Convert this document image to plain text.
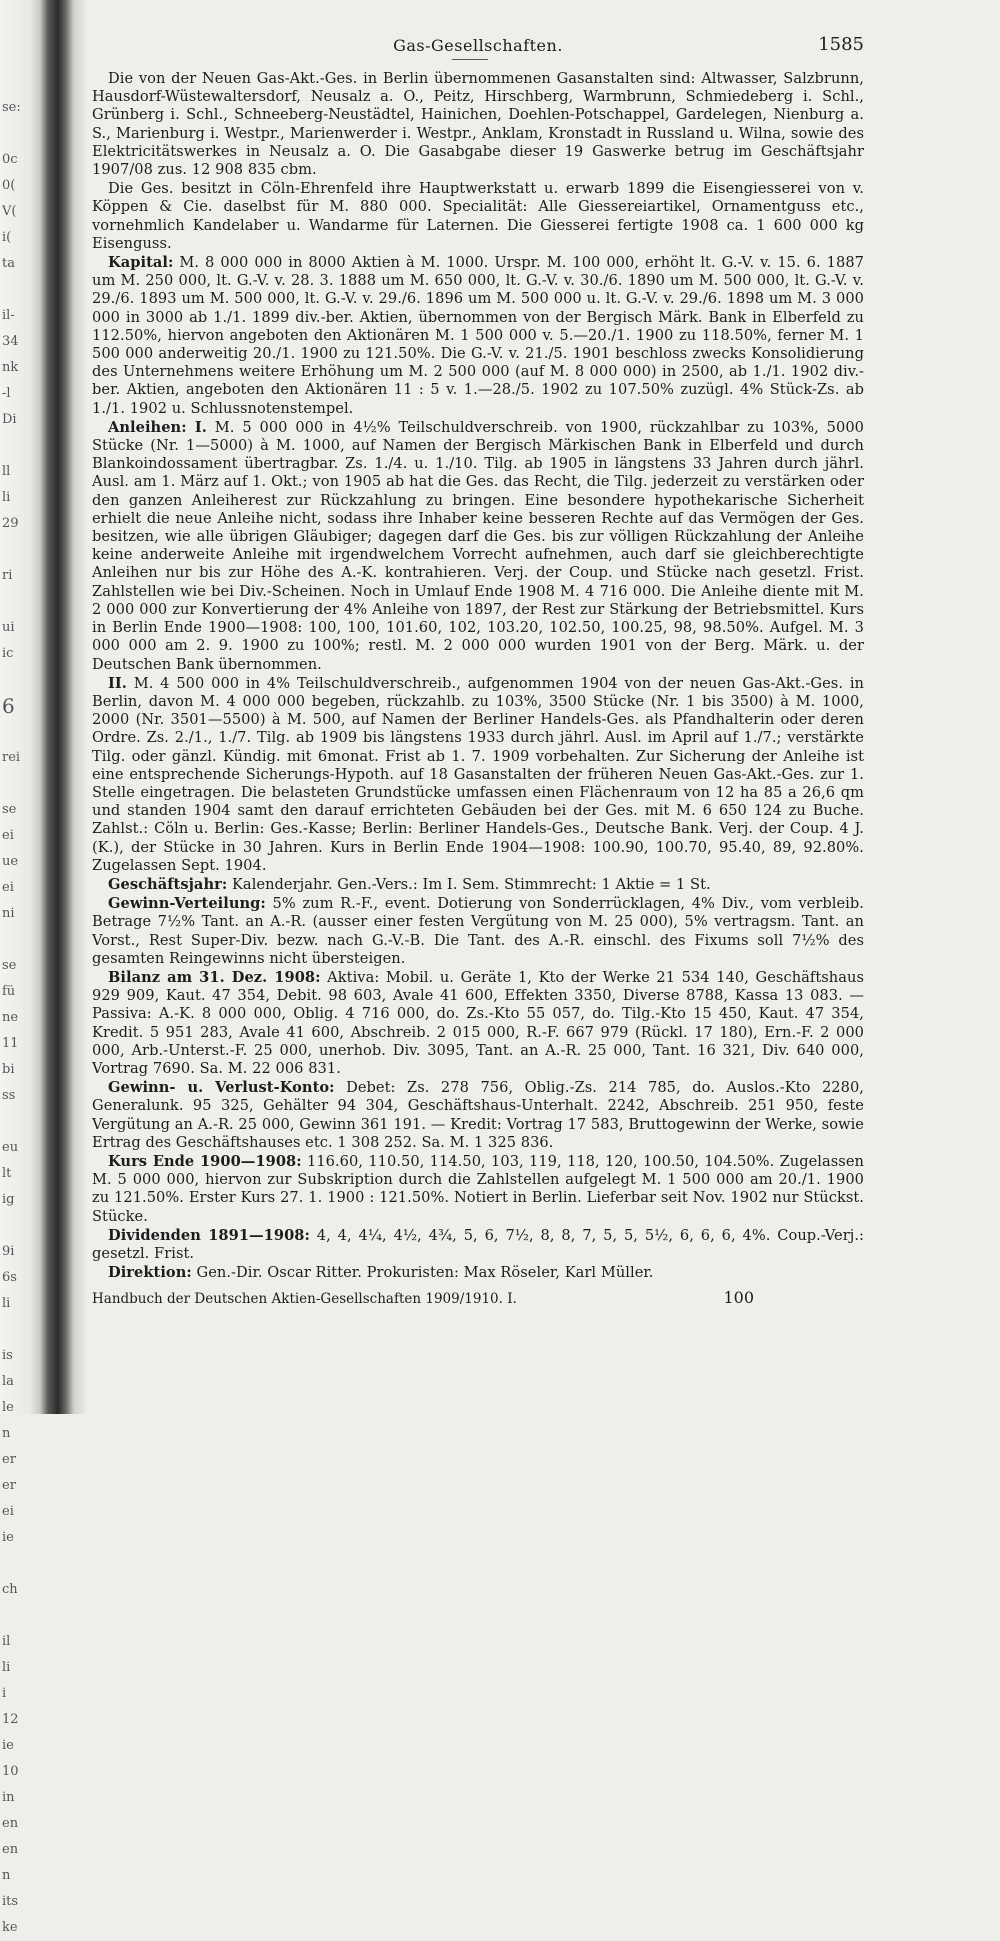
se:
0c
0(
V(
i(
ta
il-
34
nk
-l
Di
ll
li
29
ri
ui
ic
6
rei
se
ei
ue
ei
ni
se
fü
ne
11
bi
ss
eu
lt
ig
9i
6s
li
is
la
le
n
er
er
ei
ie
ch
il
li
i
12
ie
10
in
en
en
n
its
ke
Gas-Gesellschaften.	1585

Die von der Neuen Gas-Akt.-Ges. in Berlin übernommenen Gasanstalten sind: Altwasser, Salzbrunn, Hausdorf-Wüstewaltersdorf, Neusalz a. O., Peitz, Hirschberg, Warmbrunn, Schmiedeberg i. Schl., Grünberg i. Schl., Schneeberg-Neustädtel, Hainichen, Doehlen-Potschappel, Gardelegen, Nienburg a. S., Marienburg i. Westpr., Marienwerder i. Westpr., Anklam, Kronstadt in Russland u. Wilna, sowie des Elektricitätswerkes in Neusalz a. O. Die Gasabgabe dieser 19 Gaswerke betrug im Geschäftsjahr 1907/08 zus. 12 908 835 cbm.

Die Ges. besitzt in Cöln-Ehrenfeld ihre Hauptwerkstatt u. erwarb 1899 die Eisengiesserei von v. Köppen & Cie. daselbst für M. 880 000. Specialität: Alle Giessereiartikel, Ornamentguss etc., vornehmlich Kandelaber u. Wandarme für Laternen. Die Giesserei fertigte 1908 ca. 1 600 000 kg Eisenguss.

Kapital: M. 8 000 000 in 8000 Aktien à M. 1000. Urspr. M. 100 000, erhöht lt. G.-V. v. 15. 6. 1887 um M. 250 000, lt. G.-V. v. 28. 3. 1888 um M. 650 000, lt. G.-V. v. 30./6. 1890 um M. 500 000, lt. G.-V. v. 29./6. 1893 um M. 500 000, lt. G.-V. v. 29./6. 1896 um M. 500 000 u. lt. G.-V. v. 29./6. 1898 um M. 3 000 000 in 3000 ab 1./1. 1899 div.-ber. Aktien, übernommen von der Bergisch Märk. Bank in Elberfeld zu 112.50%, hiervon angeboten den Aktionären M. 1 500 000 v. 5.—20./1. 1900 zu 118.50%, ferner M. 1 500 000 anderweitig 20./1. 1900 zu 121.50%. Die G.-V. v. 21./5. 1901 beschloss zwecks Konsolidierung des Unternehmens weitere Erhöhung um M. 2 500 000 (auf M. 8 000 000) in 2500, ab 1./1. 1902 div.-ber. Aktien, angeboten den Aktionären 11 : 5 v. 1.—28./5. 1902 zu 107.50% zuzügl. 4% Stück-Zs. ab 1./1. 1902 u. Schlussnotenstempel.

Anleihen: I. M. 5 000 000 in 4½% Teilschuldverschreib. von 1900, rückzahlbar zu 103%, 5000 Stücke (Nr. 1—5000) à M. 1000, auf Namen der Bergisch Märkischen Bank in Elberfeld und durch Blankoindossament übertragbar. Zs. 1./4. u. 1./10. Tilg. ab 1905 in längstens 33 Jahren durch jährl. Ausl. am 1. März auf 1. Okt.; von 1905 ab hat die Ges. das Recht, die Tilg. jederzeit zu verstärken oder den ganzen Anleiherest zur Rückzahlung zu bringen. Eine besondere hypothekarische Sicherheit erhielt die neue Anleihe nicht, sodass ihre Inhaber keine besseren Rechte auf das Vermögen der Ges. besitzen, wie alle übrigen Gläubiger; dagegen darf die Ges. bis zur völligen Rückzahlung der Anleihe keine anderweite Anleihe mit irgendwelchem Vorrecht aufnehmen, auch darf sie gleichberechtigte Anleihen nur bis zur Höhe des A.-K. kontrahieren. Verj. der Coup. und Stücke nach gesetzl. Frist. Zahlstellen wie bei Div.-Scheinen. Noch in Umlauf Ende 1908 M. 4 716 000. Die Anleihe diente mit M. 2 000 000 zur Konvertierung der 4% Anleihe von 1897, der Rest zur Stärkung der Betriebsmittel. Kurs in Berlin Ende 1900—1908: 100, 100, 101.60, 102, 103.20, 102.50, 100.25, 98, 98.50%. Aufgel. M. 3 000 000 am 2. 9. 1900 zu 100%; restl. M. 2 000 000 wurden 1901 von der Berg. Märk. u. der Deutschen Bank übernommen.

II. M. 4 500 000 in 4% Teilschuldverschreib., aufgenommen 1904 von der neuen Gas-Akt.-Ges. in Berlin, davon M. 4 000 000 begeben, rückzahlb. zu 103%, 3500 Stücke (Nr. 1 bis 3500) à M. 1000, 2000 (Nr. 3501—5500) à M. 500, auf Namen der Berliner Handels-Ges. als Pfandhalterin oder deren Ordre. Zs. 2./1., 1./7. Tilg. ab 1909 bis längstens 1933 durch jährl. Ausl. im April auf 1./7.; verstärkte Tilg. oder gänzl. Kündig. mit 6monat. Frist ab 1. 7. 1909 vorbehalten. Zur Sicherung der Anleihe ist eine entsprechende Sicherungs-Hypoth. auf 18 Gasanstalten der früheren Neuen Gas-Akt.-Ges. zur 1. Stelle eingetragen. Die belasteten Grundstücke umfassen einen Flächenraum von 12 ha 85 a 26,6 qm und standen 1904 samt den darauf errichteten Gebäuden bei der Ges. mit M. 6 650 124 zu Buche. Zahlst.: Cöln u. Berlin: Ges.-Kasse; Berlin: Berliner Handels-Ges., Deutsche Bank. Verj. der Coup. 4 J. (K.), der Stücke in 30 Jahren. Kurs in Berlin Ende 1904—1908: 100.90, 100.70, 95.40, 89, 92.80%. Zugelassen Sept. 1904.

Geschäftsjahr: Kalenderjahr. Gen.-Vers.: Im I. Sem. Stimmrecht: 1 Aktie = 1 St.

Gewinn-Verteilung: 5% zum R.-F., event. Dotierung von Sonderrücklagen, 4% Div., vom verbleib. Betrage 7½% Tant. an A.-R. (ausser einer festen Vergütung von M. 25 000), 5% vertragsm. Tant. an Vorst., Rest Super-Div. bezw. nach G.-V.-B. Die Tant. des A.-R. einschl. des Fixums soll 7½% des gesamten Reingewinns nicht übersteigen.

Bilanz am 31. Dez. 1908: Aktiva: Mobil. u. Geräte 1, Kto der Werke 21 534 140, Geschäftshaus 929 909, Kaut. 47 354, Debit. 98 603, Avale 41 600, Effekten 3350, Diverse 8788, Kassa 13 083. — Passiva: A.-K. 8 000 000, Oblig. 4 716 000, do. Zs.-Kto 55 057, do. Tilg.-Kto 15 450, Kaut. 47 354, Kredit. 5 951 283, Avale 41 600, Abschreib. 2 015 000, R.-F. 667 979 (Rückl. 17 180), Ern.-F. 2 000 000, Arb.-Unterst.-F. 25 000, unerhob. Div. 3095, Tant. an A.-R. 25 000, Tant. 16 321, Div. 640 000, Vortrag 7690. Sa. M. 22 006 831.

Gewinn- u. Verlust-Konto: Debet: Zs. 278 756, Oblig.-Zs. 214 785, do. Auslos.-Kto 2280, Generalunk. 95 325, Gehälter 94 304, Geschäftshaus-Unterhalt. 2242, Abschreib. 251 950, feste Vergütung an A.-R. 25 000, Gewinn 361 191. — Kredit: Vortrag 17 583, Bruttogewinn der Werke, sowie Ertrag des Geschäftshauses etc. 1 308 252. Sa. M. 1 325 836.

Kurs Ende 1900—1908: 116.60, 110.50, 114.50, 103, 119, 118, 120, 100.50, 104.50%. Zugelassen M. 5 000 000, hiervon zur Subskription durch die Zahlstellen aufgelegt M. 1 500 000 am 20./1. 1900 zu 121.50%. Erster Kurs 27. 1. 1900 : 121.50%. Notiert in Berlin. Lieferbar seit Nov. 1902 nur Stückst. Stücke.

Dividenden 1891—1908: 4, 4, 4¼, 4½, 4¾, 5, 6, 7½, 8, 8, 7, 5, 5, 5½, 6, 6, 6, 4%. Coup.-Verj.: gesetzl. Frist.

Direktion: Gen.-Dir. Oscar Ritter. Prokuristen: Max Röseler, Karl Müller.

Handbuch der Deutschen Aktien-Gesellschaften 1909/1910. I.	100
